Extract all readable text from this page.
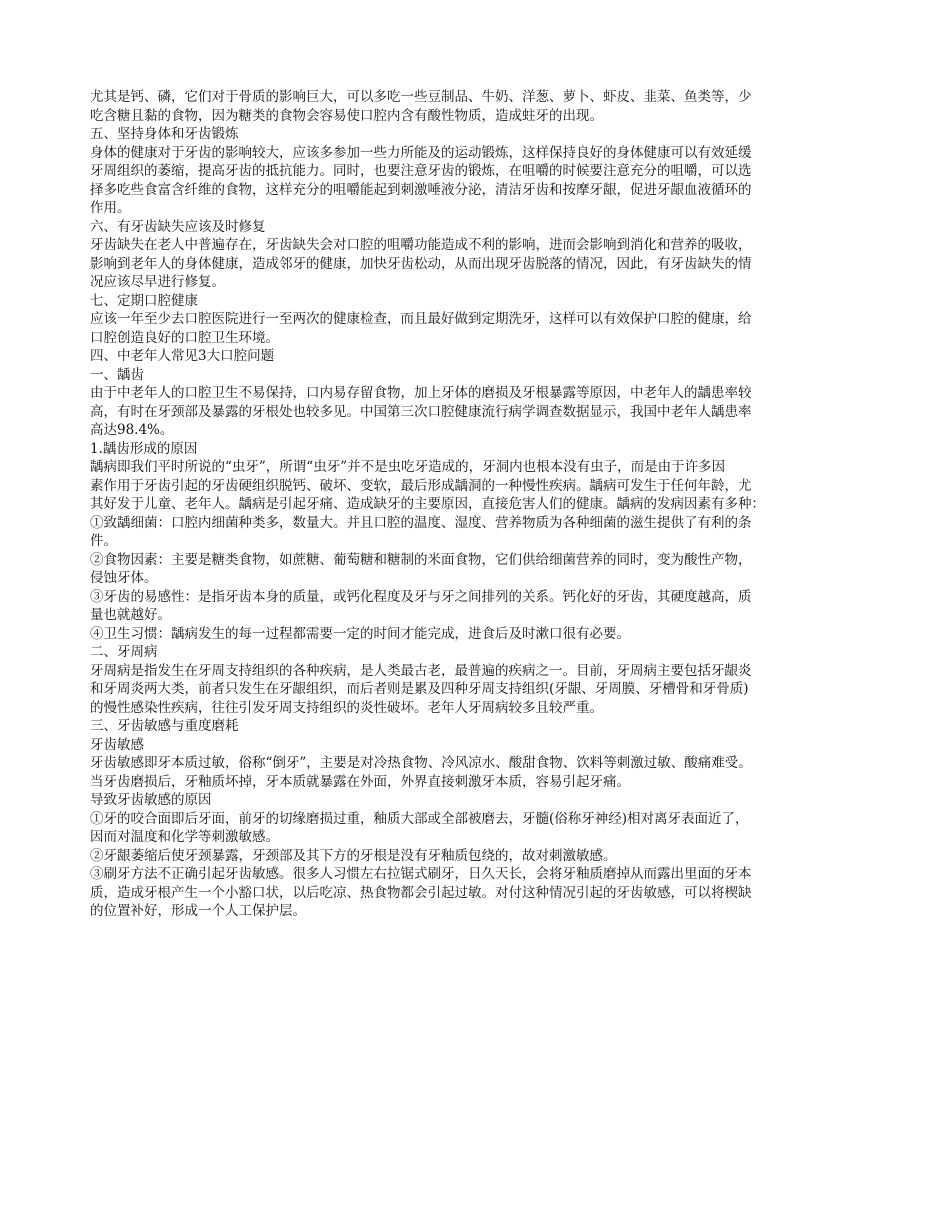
尤其是钙、磷，它们对于骨质的影响巨大，可以多吃一些豆制品、牛奶、洋葱、萝卜、虾皮、韭菜、鱼类等，少
吃含糖且黏的食物，因为糖类的食物会容易使口腔内含有酸性物质，造成蛀牙的出现。
五、坚持身体和牙齿锻炼
身体的健康对于牙齿的影响较大，应该多参加一些力所能及的运动锻炼，这样保持良好的身体健康可以有效延缓
牙周组织的萎缩，提高牙齿的抵抗能力。同时，也要注意牙齿的锻炼，在咀嚼的时候要注意充分的咀嚼，可以选
择多吃些食富含纤维的食物，这样充分的咀嚼能起到刺激唾液分泌，清洁牙齿和按摩牙龈，促进牙龈血液循环的
作用。
六、有牙齿缺失应该及时修复
牙齿缺失在老人中普遍存在，牙齿缺失会对口腔的咀嚼功能造成不利的影响，进而会影响到消化和营养的吸收，
影响到老年人的身体健康，造成邻牙的健康，加快牙齿松动，从而出现牙齿脱落的情况，因此，有牙齿缺失的情
况应该尽早进行修复。
七、定期口腔健康
应该一年至少去口腔医院进行一至两次的健康检查，而且最好做到定期洗牙，这样可以有效保护口腔的健康，给
口腔创造良好的口腔卫生环境。
四、中老年人常见3大口腔问题
一、龋齿
由于中老年人的口腔卫生不易保持，口内易存留食物，加上牙体的磨损及牙根暴露等原因，中老年人的龋患率较
高，有时在牙颈部及暴露的牙根处也较多见。中国第三次口腔健康流行病学调查数据显示，我国中老年人龋患率
高达98.4%。
1.龋齿形成的原因
龋病即我们平时所说的“虫牙”，所谓“虫牙”并不是虫吃牙造成的，牙洞内也根本没有虫子，而是由于许多因
素作用于牙齿引起的牙齿硬组织脱钙、破坏、变软，最后形成龋洞的一种慢性疾病。龋病可发生于任何年龄，尤
其好发于儿童、老年人。龋病是引起牙痛、造成缺牙的主要原因，直接危害人们的健康。龋病的发病因素有多种：
①致龋细菌：口腔内细菌种类多，数量大。并且口腔的温度、湿度、营养物质为各种细菌的滋生提供了有利的条
件。
②食物因素：主要是糖类食物，如蔗糖、葡萄糖和糖制的米面食物，它们供给细菌营养的同时，变为酸性产物，
侵蚀牙体。
③牙齿的易感性：是指牙齿本身的质量，或钙化程度及牙与牙之间排列的关系。钙化好的牙齿，其硬度越高，质
量也就越好。
④卫生习惯：龋病发生的每一过程都需要一定的时间才能完成，进食后及时漱口很有必要。
二、牙周病
牙周病是指发生在牙周支持组织的各种疾病，是人类最古老，最普遍的疾病之一。目前，牙周病主要包括牙龈炎
和牙周炎两大类，前者只发生在牙龈组织，而后者则是累及四种牙周支持组织(牙龈、牙周膜、牙槽骨和牙骨质)
的慢性感染性疾病，往往引发牙周支持组织的炎性破坏。老年人牙周病较多且较严重。
三、牙齿敏感与重度磨耗
牙齿敏感
牙齿敏感即牙本质过敏，俗称“倒牙”，主要是对冷热食物、冷风凉水、酸甜食物、饮料等刺激过敏、酸痛难受。
当牙齿磨损后，牙釉质坏掉，牙本质就暴露在外面，外界直接刺激牙本质，容易引起牙痛。
导致牙齿敏感的原因
①牙的咬合面即后牙面，前牙的切缘磨损过重，釉质大部或全部被磨去，牙髓(俗称牙神经)相对离牙表面近了，
因而对温度和化学等刺激敏感。
②牙龈萎缩后使牙颈暴露，牙颈部及其下方的牙根是没有牙釉质包绕的，故对刺激敏感。
③刷牙方法不正确引起牙齿敏感。很多人习惯左右拉锯式刷牙，日久天长，会将牙釉质磨掉从而露出里面的牙本
质，造成牙根产生一个小豁口状，以后吃凉、热食物都会引起过敏。对付这种情况引起的牙齿敏感，可以将楔缺
的位置补好，形成一个人工保护层。
